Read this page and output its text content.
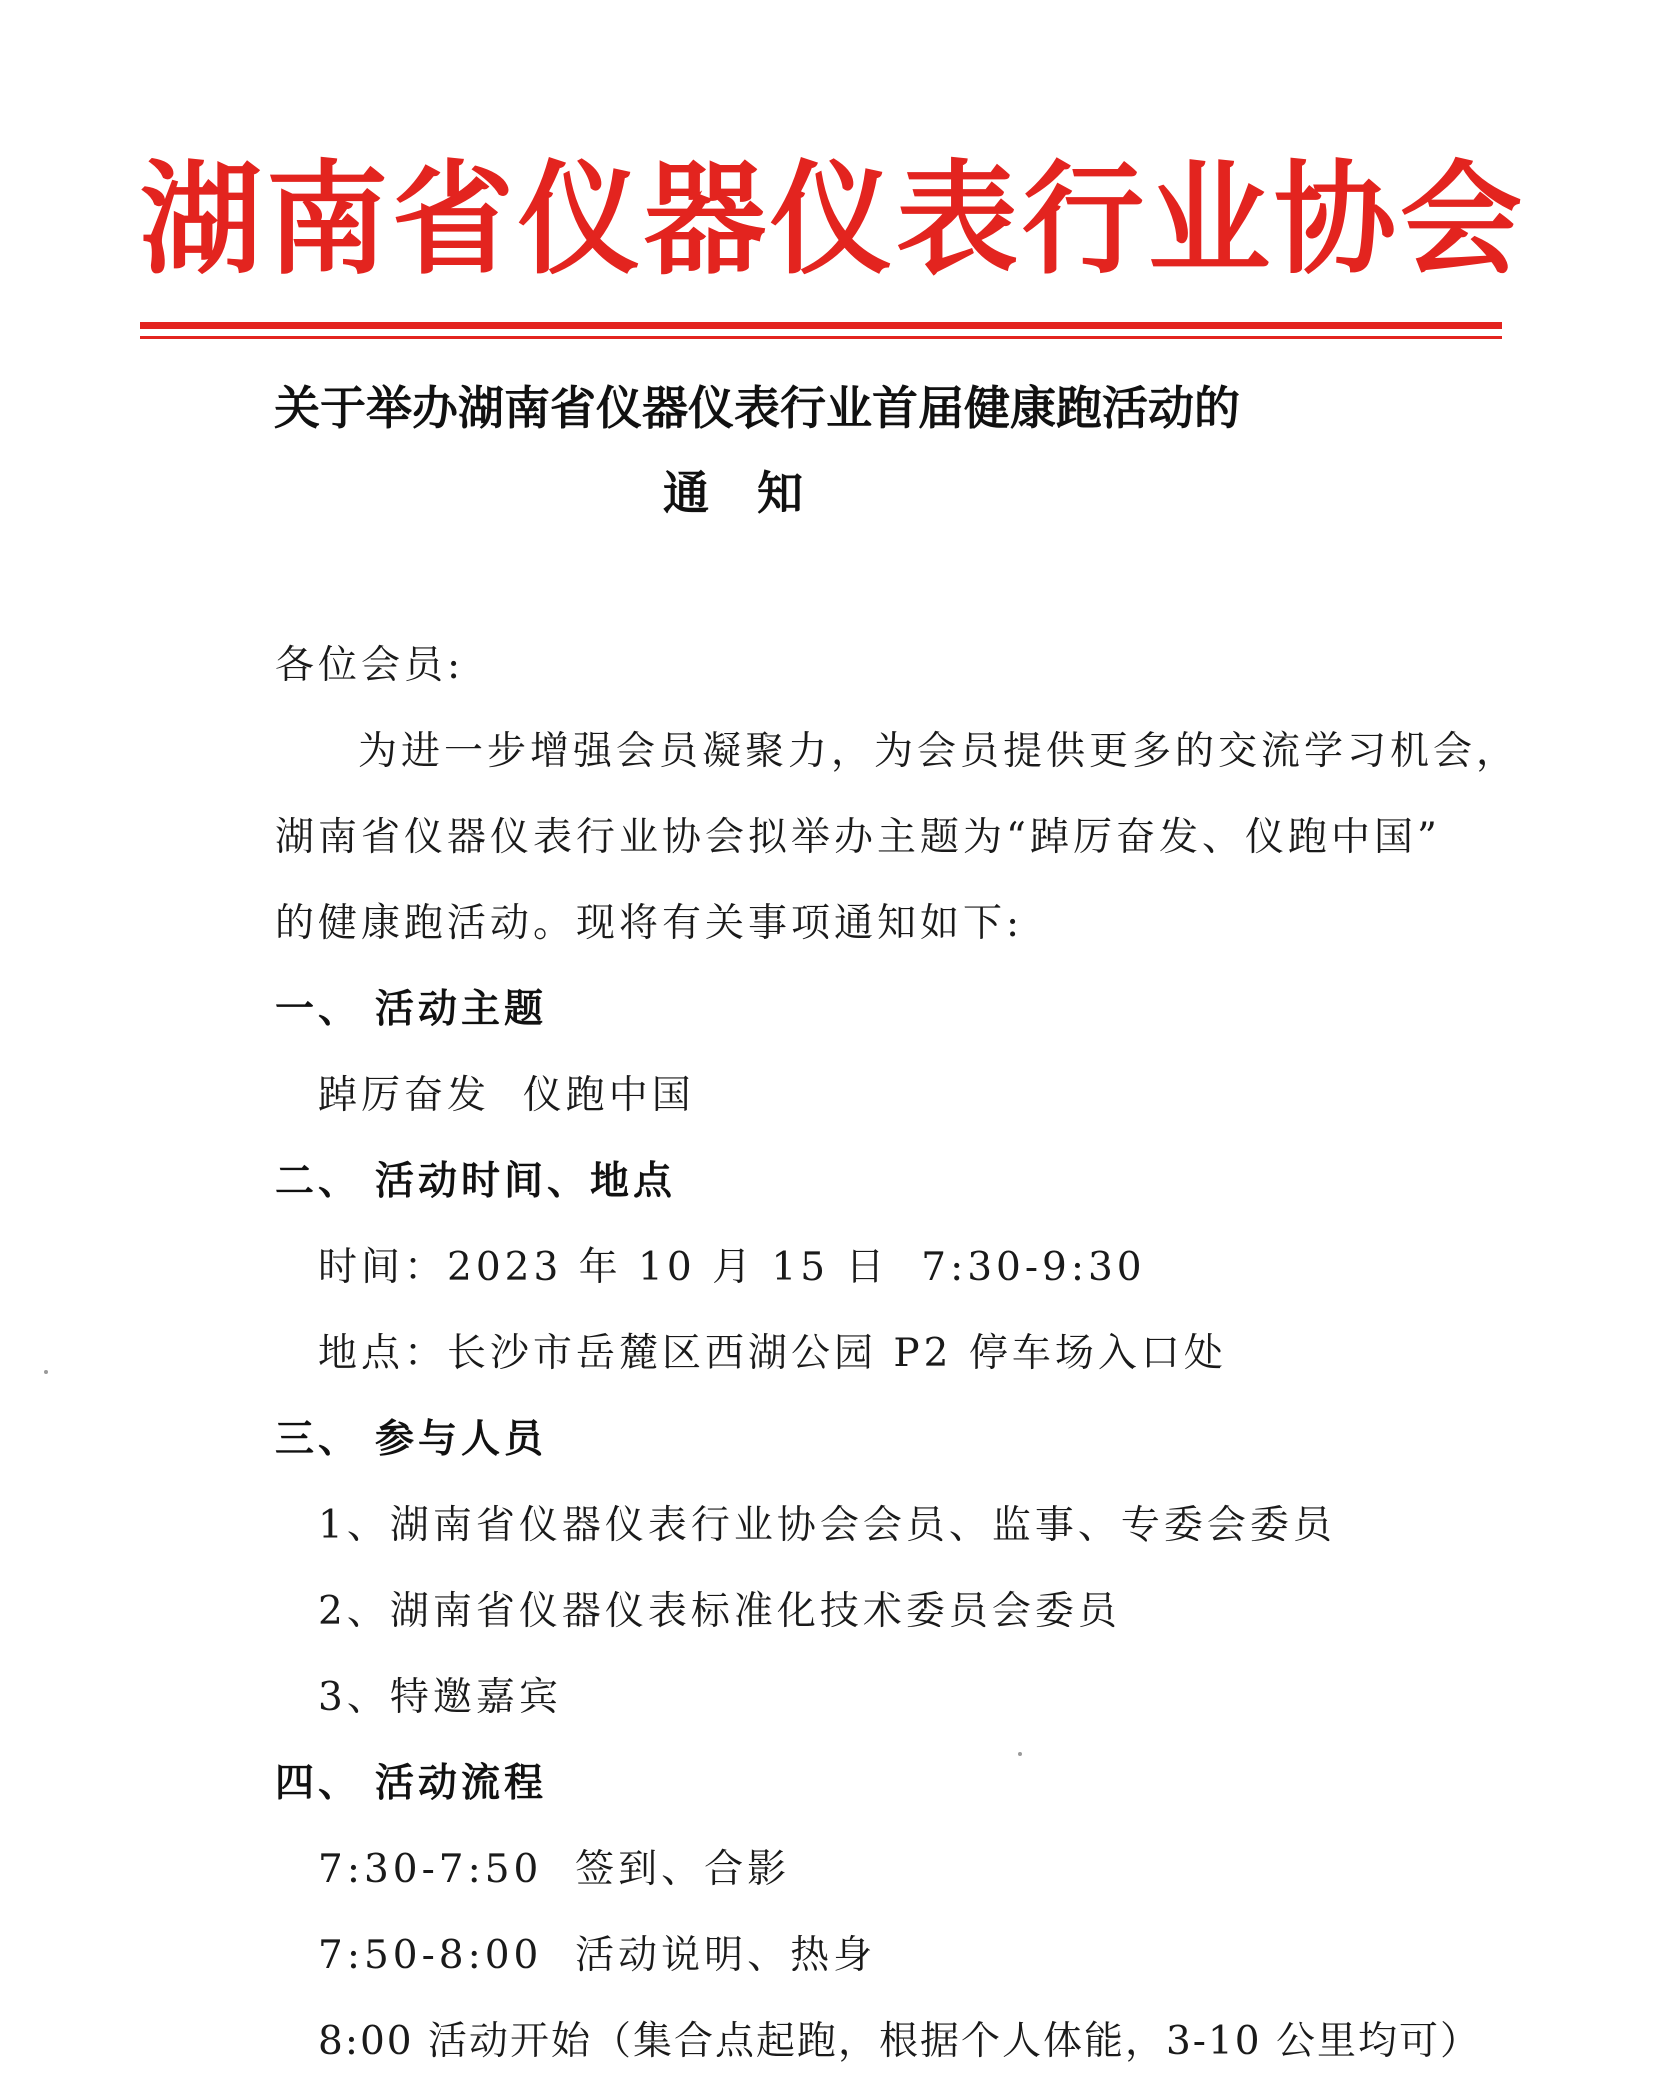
湖南省仪器仪表行业协会
关于举办湖南省仪器仪表行业首届健康跑活动的
通知
各位会员:
为进一步增强会员凝聚力，为会员提供更多的交流学习机会，
湖南省仪器仪表行业协会拟举办主题为“踔厉奋发、仪跑中国”
的健康跑活动。现将有关事项通知如下:
一、 活动主题
踔厉奋发  仪跑中国
二、 活动时间、地点
时间：2023 年 10 月 15 日  7:30-9:30
地点：长沙市岳麓区西湖公园 P2 停车场入口处
三、 参与人员
1、湖南省仪器仪表行业协会会员、监事、专委会委员
2、湖南省仪器仪表标准化技术委员会委员
3、特邀嘉宾
四、 活动流程
7:30-7:50  签到、合影
7:50-8:00  活动说明、热身
8:00 活动开始（集合点起跑，根据个人体能，3-10 公里均可）
